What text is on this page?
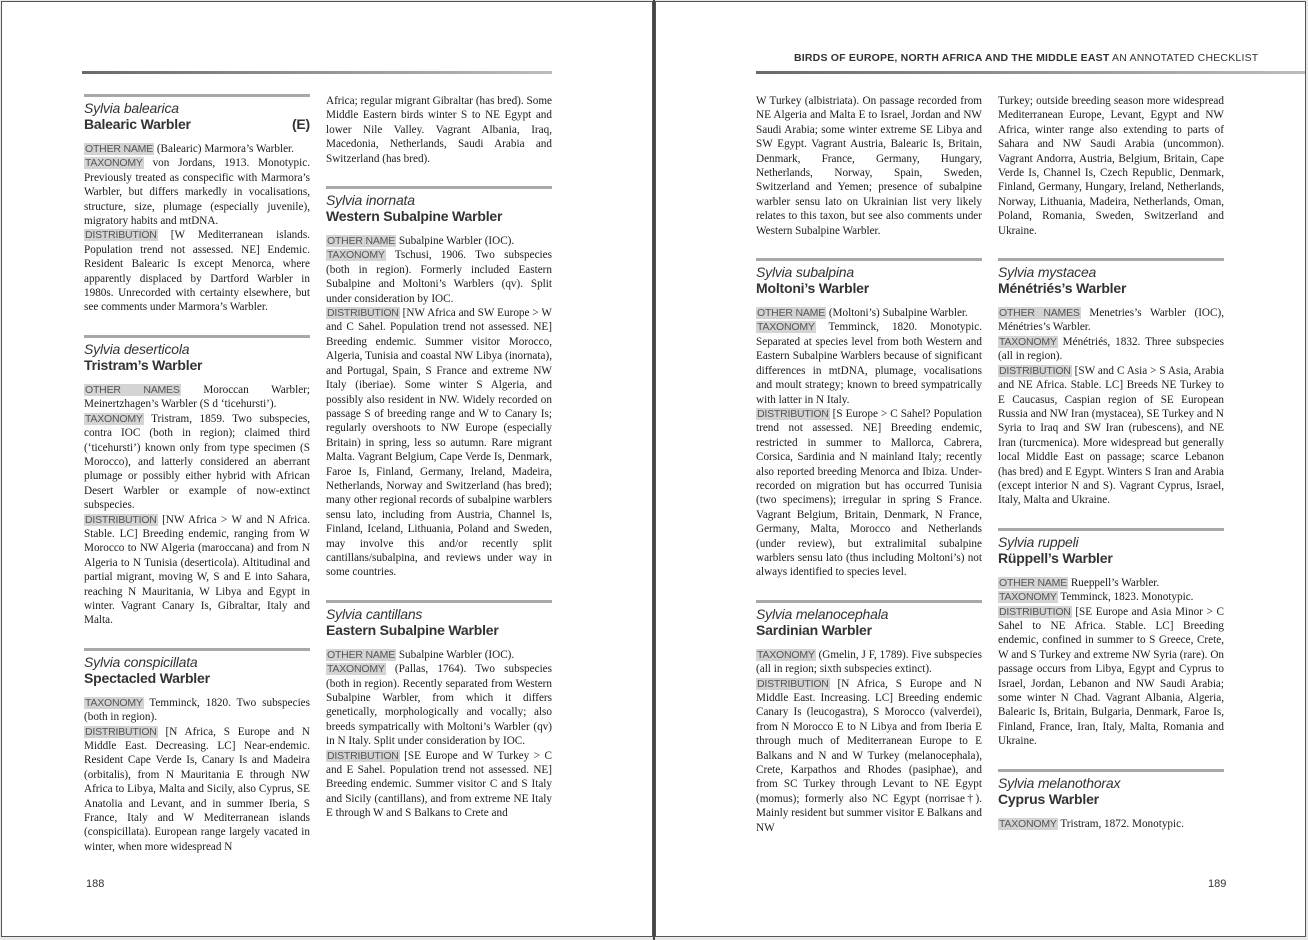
Sylvia balearica
Balearic Warbler	(E)

OTHER NAME (Balearic) Marmora’s Warbler.

TAXONOMY von Jordans, 1913. Monotypic. Previously treated as conspecific with Marmora’s Warbler, but differs markedly in vocalisations, structure, size, plumage (especially juvenile), migratory habits and mtDNA.

DISTRIBUTION [W Mediterranean islands. Population trend not assessed. NE] Endemic. Resident Balearic Is except Menorca, where apparently displaced by Dartford Warbler in 1980s. Unrecorded with certainty elsewhere, but see comments under Marmora’s Warbler.

Sylvia deserticola
Tristram’s Warbler

OTHER NAMES Moroccan Warbler; Meinertzhagen’s Warbler (S d ‘ticehursti’).

TAXONOMY Tristram, 1859. Two subspecies, contra IOC (both in region); claimed third (‘ticehursti’) known only from type specimen (S Morocco), and latterly considered an aberrant plumage or possibly either hybrid with African Desert Warbler or example of now-extinct subspecies.

DISTRIBUTION [NW Africa > W and N Africa. Stable. LC] Breeding endemic, ranging from W Morocco to NW Algeria (maroccana) and from N Algeria to N Tunisia (deserticola). Altitudinal and partial migrant, moving W, S and E into Sahara, reaching N Mauritania, W Libya and Egypt in winter. Vagrant Canary Is, Gibraltar, Italy and Malta.

Sylvia conspicillata
Spectacled Warbler

TAXONOMY Temminck, 1820. Two subspecies (both in region).

DISTRIBUTION [N Africa, S Europe and N Middle East. Decreasing. LC] Near-endemic. Resident Cape Verde Is, Canary Is and Madeira (orbitalis), from N Mauritania E through NW Africa to Libya, Malta and Sicily, also Cyprus, SE Anatolia and Levant, and in summer Iberia, S France, Italy and W Mediterranean islands (conspicillata). European range largely vacated in winter, when more widespread N

Africa; regular migrant Gibraltar (has bred). Some Middle Eastern birds winter S to NE Egypt and lower Nile Valley. Vagrant Albania, Iraq, Macedonia, Netherlands, Saudi Arabia and Switzerland (has bred).

Sylvia inornata
Western Subalpine Warbler

OTHER NAME Subalpine Warbler (IOC).

TAXONOMY Tschusi, 1906. Two subspecies (both in region). Formerly included Eastern Subalpine and Moltoni’s Warblers (qv). Split under consideration by IOC.

DISTRIBUTION [NW Africa and SW Europe > W and C Sahel. Population trend not assessed. NE] Breeding endemic. Summer visitor Morocco, Algeria, Tunisia and coastal NW Libya (inornata), and Portugal, Spain, S France and extreme NW Italy (iberiae). Some winter S Algeria, and possibly also resident in NW. Widely recorded on passage S of breeding range and W to Canary Is; regularly overshoots to NW Europe (especially Britain) in spring, less so autumn. Rare migrant Malta. Vagrant Belgium, Cape Verde Is, Denmark, Faroe Is, Finland, Germany, Ireland, Madeira, Netherlands, Norway and Switzerland (has bred); many other regional records of subalpine warblers sensu lato, including from Austria, Channel Is, Finland, Iceland, Lithuania, Poland and Sweden, may involve this and/or recently split cantillans/subalpina, and reviews under way in some countries.

Sylvia cantillans
Eastern Subalpine Warbler

OTHER NAME Subalpine Warbler (IOC).

TAXONOMY (Pallas, 1764). Two subspecies (both in region). Recently separated from Western Subalpine Warbler, from which it differs genetically, morphologically and vocally; also breeds sympatrically with Moltoni’s Warbler (qv) in N Italy. Split under consideration by IOC.

DISTRIBUTION [SE Europe and W Turkey > C and E Sahel. Population trend not assessed. NE] Breeding endemic. Summer visitor C and S Italy and Sicily (cantillans), and from extreme NE Italy E through W and S Balkans to Crete and

188
BIRDS OF EUROPE, NORTH AFRICA AND THE MIDDLE EAST AN ANNOTATED CHECKLIST

W Turkey (albistriata). On passage recorded from NE Algeria and Malta E to Israel, Jordan and NW Saudi Arabia; some winter extreme SE Libya and SW Egypt. Vagrant Austria, Balearic Is, Britain, Denmark, France, Germany, Hungary, Netherlands, Norway, Spain, Sweden, Switzerland and Yemen; presence of subalpine warbler sensu lato on Ukrainian list very likely relates to this taxon, but see also comments under Western Subalpine Warbler.

Sylvia subalpina
Moltoni’s Warbler

OTHER NAME (Moltoni’s) Subalpine Warbler.

TAXONOMY Temminck, 1820. Monotypic. Separated at species level from both Western and Eastern Subalpine Warblers because of significant differences in mtDNA, plumage, vocalisations and moult strategy; known to breed sympatrically with latter in N Italy.

DISTRIBUTION [S Europe > C Sahel? Population trend not assessed. NE] Breeding endemic, restricted in summer to Mallorca, Cabrera, Corsica, Sardinia and N mainland Italy; recently also reported breeding Menorca and Ibiza. Under-recorded on migration but has occurred Tunisia (two specimens); irregular in spring S France. Vagrant Belgium, Britain, Denmark, N France, Germany, Malta, Morocco and Netherlands (under review), but extralimital subalpine warblers sensu lato (thus including Moltoni’s) not always identified to species level.

Sylvia melanocephala
Sardinian Warbler

TAXONOMY (Gmelin, J F, 1789). Five subspecies (all in region; sixth subspecies extinct).

DISTRIBUTION [N Africa, S Europe and N Middle East. Increasing. LC] Breeding endemic Canary Is (leucogastra), S Morocco (valverdei), from N Morocco E to N Libya and from Iberia E through much of Mediterranean Europe to E Balkans and N and W Turkey (melanocephala), Crete, Karpathos and Rhodes (pasiphae), and from SC Turkey through Levant to NE Egypt (momus); formerly also NC Egypt (norrisae†). Mainly resident but summer visitor E Balkans and NW

Turkey; outside breeding season more widespread Mediterranean Europe, Levant, Egypt and NW Africa, winter range also extending to parts of Sahara and NW Saudi Arabia (uncommon). Vagrant Andorra, Austria, Belgium, Britain, Cape Verde Is, Channel Is, Czech Republic, Denmark, Finland, Germany, Hungary, Ireland, Netherlands, Norway, Lithuania, Madeira, Netherlands, Oman, Poland, Romania, Sweden, Switzerland and Ukraine.

Sylvia mystacea
Ménétriés’s Warbler

OTHER NAMES Menetries’s Warbler (IOC), Ménétries’s Warbler.

TAXONOMY Ménétriés, 1832. Three subspecies (all in region).

DISTRIBUTION [SW and C Asia > S Asia, Arabia and NE Africa. Stable. LC] Breeds NE Turkey to E Caucasus, Caspian region of SE European Russia and NW Iran (mystacea), SE Turkey and N Syria to Iraq and SW Iran (rubescens), and NE Iran (turcmenica). More widespread but generally local Middle East on passage; scarce Lebanon (has bred) and E Egypt. Winters S Iran and Arabia (except interior N and S). Vagrant Cyprus, Israel, Italy, Malta and Ukraine.

Sylvia ruppeli
Rüppell’s Warbler

OTHER NAME Rueppell’s Warbler.

TAXONOMY Temminck, 1823. Monotypic.

DISTRIBUTION [SE Europe and Asia Minor > C Sahel to NE Africa. Stable. LC] Breeding endemic, confined in summer to S Greece, Crete, W and S Turkey and extreme NW Syria (rare). On passage occurs from Libya, Egypt and Cyprus to Israel, Jordan, Lebanon and NW Saudi Arabia; some winter N Chad. Vagrant Albania, Algeria, Balearic Is, Britain, Bulgaria, Denmark, Faroe Is, Finland, France, Iran, Italy, Malta, Romania and Ukraine.

Sylvia melanothorax
Cyprus Warbler

TAXONOMY Tristram, 1872. Monotypic.

189
